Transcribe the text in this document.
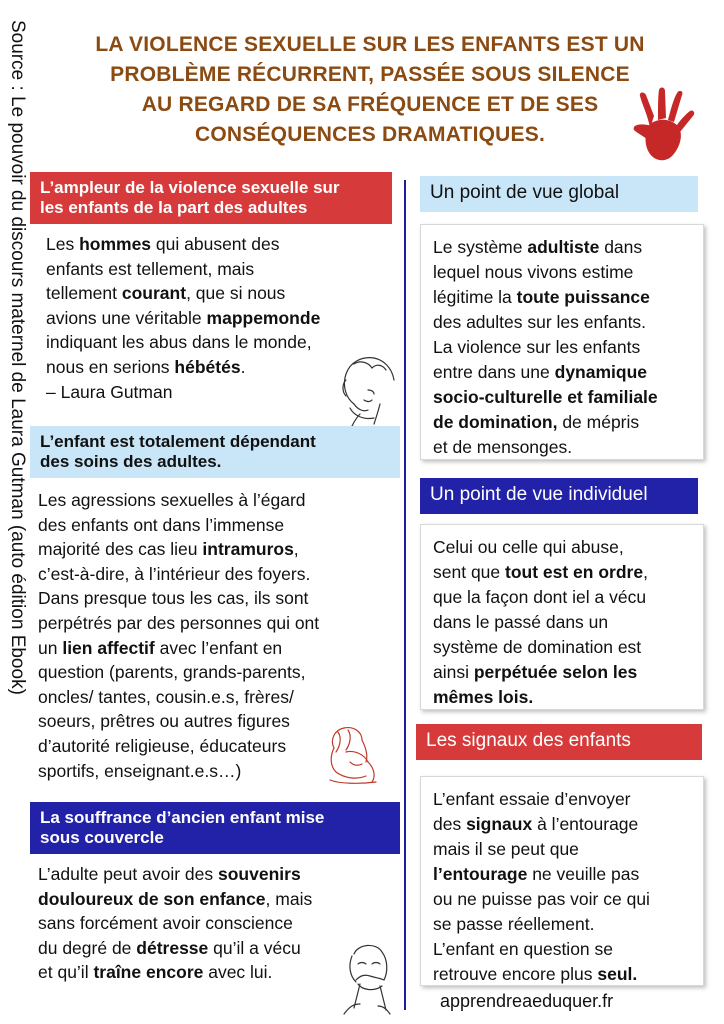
Source : Le pouvoir du discours maternel de Laura Gutman (auto édition Ebook)	LA VIOLENCE SEXUELLE SUR LES ENFANTS EST UN
PROBLÈME RÉCURRENT, PASSÉE SOUS SILENCE
AU REGARD DE SA FRÉQUENCE ET DE SES
CONSÉQUENCES DRAMATIQUES.
L’ampleur de la violence sexuelle sur
les enfants de la part des adultes
Les hommes qui abusent des
enfants est tellement, mais
tellement courant, que si nous
avions une véritable mappemonde
indiquant les abus dans le monde,
nous en serions hébétés.
– Laura Gutman
L’enfant est totalement dépendant
des soins des adultes.
Les agressions sexuelles à l’égard
des enfants ont dans l’immense
majorité des cas lieu intramuros,
c’est-à-dire, à l’intérieur des foyers.
Dans presque tous les cas, ils sont
perpétrés par des personnes qui ont
un lien affectif avec l’enfant en
question (parents, grands-parents,
oncles/ tantes, cousin.e.s, frères/
soeurs, prêtres ou autres figures
d’autorité religieuse, éducateurs
sportifs, enseignant.e.s…)
La souffrance d’ancien enfant mise
sous couvercle
L’adulte peut avoir des souvenirs
douloureux de son enfance, mais
sans forcément avoir conscience
du degré de détresse qu’il a vécu
et qu’il traîne encore avec lui.
Un point de vue global
Le système adultiste dans
lequel nous vivons estime
légitime la toute puissance
des adultes sur les enfants.
La violence sur les enfants
entre dans une dynamique
socio-culturelle et familiale
de domination, de mépris
et de mensonges.
Un point de vue individuel
Celui ou celle qui abuse,
sent que tout est en ordre,
que la façon dont iel a vécu
dans le passé dans un
système de domination est
ainsi perpétuée selon les
mêmes lois.
Les signaux des enfants
L’enfant essaie d’envoyer
des signaux à l’entourage
mais il se peut que
l’entourage ne veuille pas
ou ne puisse pas voir ce qui
se passe réellement.
L’enfant en question se
retrouve encore plus seul.
apprendreaeduquer.fr
